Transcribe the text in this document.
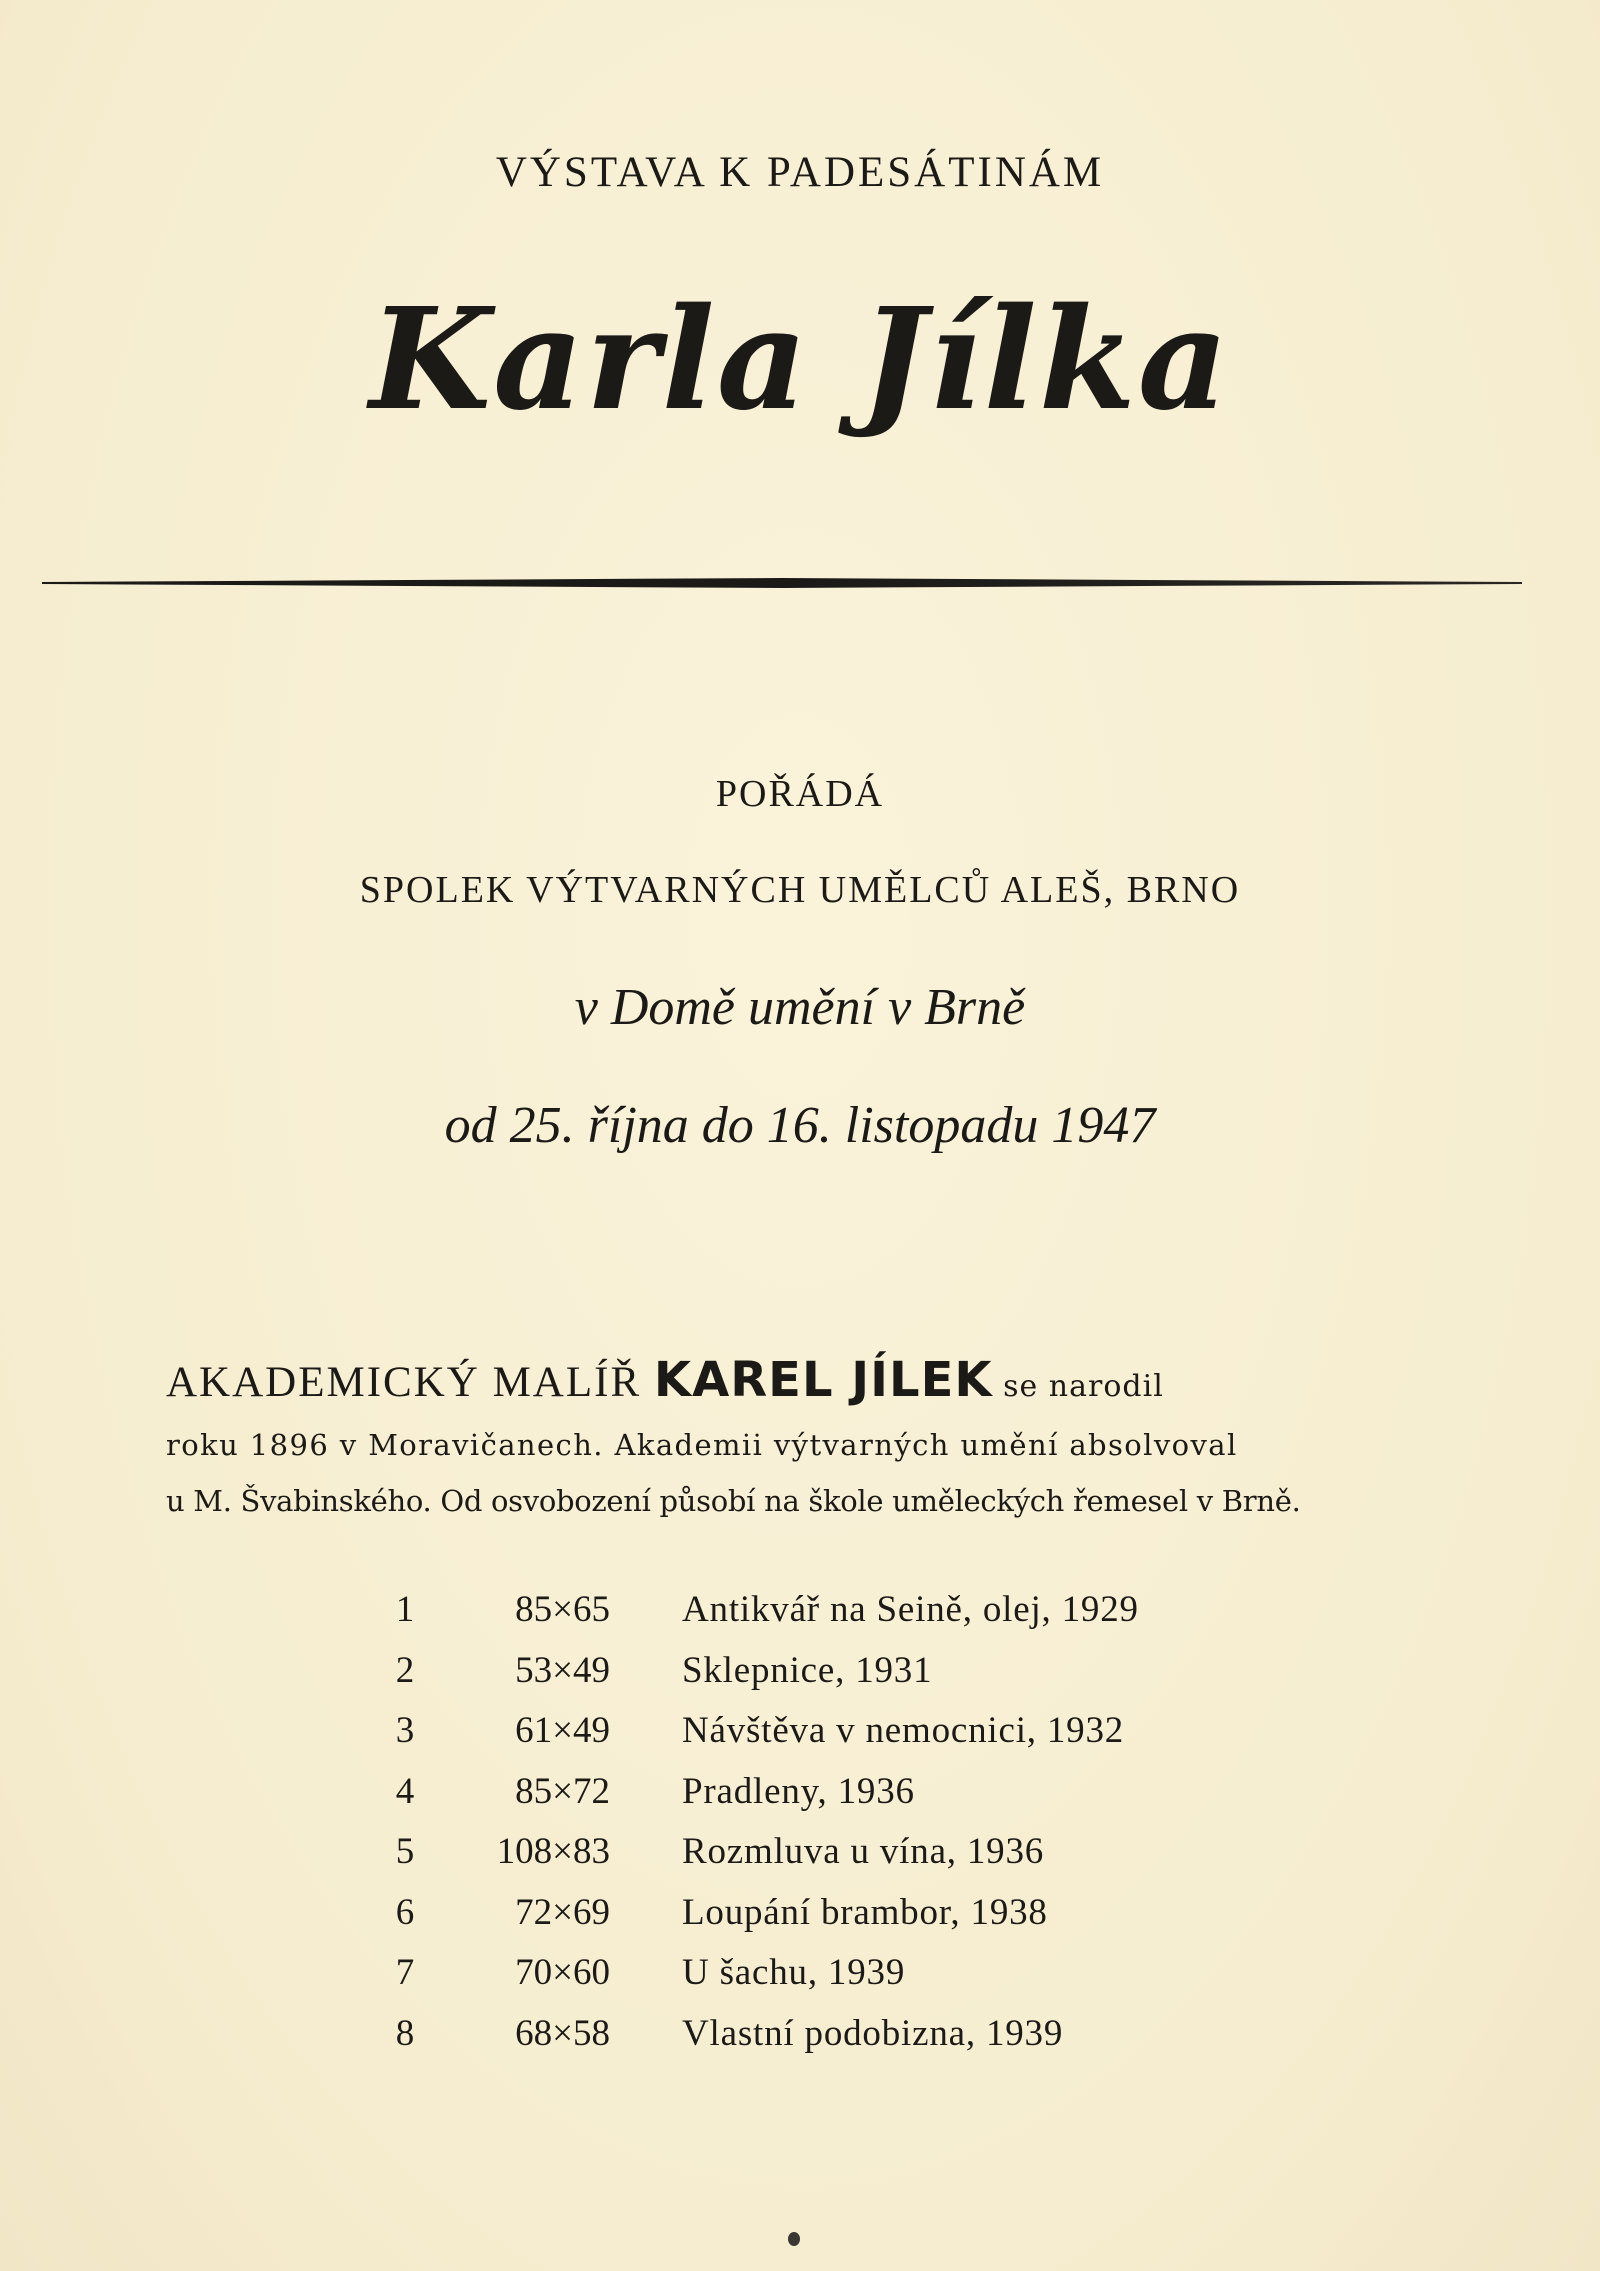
VÝSTAVA K PADESÁTINÁM
Karla Jílka
POŘÁDÁ
SPOLEK VÝTVARNÝCH UMĚLCŮ ALEŠ, BRNO
v Domě umění v Brně
od 25. října do 16. listopadu 1947
AKADEMICKÝ MALÍŘ KAREL JÍLEK se narodil
roku 1896 v Moravičanech. Akademii výtvarných umění absolvoval
u M. Švabinského. Od osvobození působí na škole uměleckých řemesel v Brně.
1	85×65 Antikvář na Seině, olej, 1929
2	53×49 Sklepnice, 1931
3	61×49 Návštěva v nemocnici, 1932
4	85×72 Pradleny, 1936
5	108×83 Rozmluva u vína, 1936
6	72×69 Loupání brambor, 1938
7	70×60 U šachu, 1939
8	68×58 Vlastní podobizna, 1939
